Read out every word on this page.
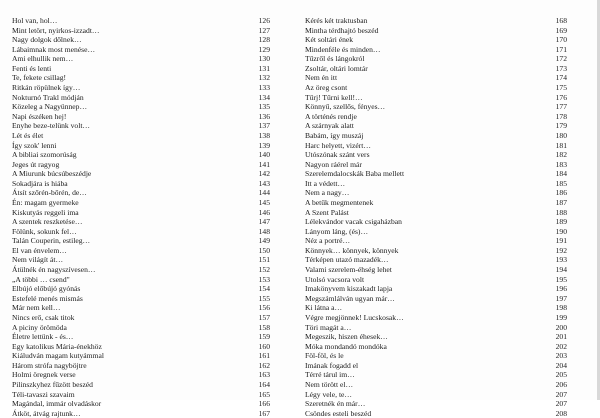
Hol van, hol…	126
Mint letört, nyirkos-izzadt…	127
Nagy dolgok dőlnek…	128
Lábaimnak most menése…	129
Ami elhullik nem…	130
Fenti és lenti	131
Te, fekete csillag!	132
Ritkán röpülnek így…	133
Nokturnó Trakl módján	134
Közeleg a Nagyünnep…	135
Napi észéken hej!	136
Enyhe beze-telünk volt…	137
Lét és élet	138
Így szok' lenni	139
A bibliai szomorúság	140
Jeges út ragyog	141
A Miurunk búcsúbeszédje	142
Sokadjára is hiába	143
Átsít szőrén-bőrén, de…	144
Én: magam gyermeke	145
Kiskutyás reggeli ima	146
A szentek reszketése…	147
Fölünk, sokunk fel…	148
Talán Couperin, estileg…	149
El van énvelem…	150
Nem világít át…	151
Átülnék én nagyszívesen…	152
„A többi … csend"	153
Elbújó előbújó gyónás	154
Estefelé menés mismás	155
Már nem kell…	156
Nincs erő, csak titok	157
A piciny örömöda	158
Életre lettünk - és…	159
Egy katolikus Mária-énekhöz	160
Kiáludván magam kutyámmal	161
Három strófa nagyböjtre	162
Holmi öregnek verse	163
Pilinszkyhez fűzött beszéd	164
Téli-tavaszi szavaim	165
Magándal, immár olvadáskor	166
Átköt, átvág rajtunk…	167
Kérés két traktusban	168
Mintha térdhajtó beszéd	169
Két soltári ének	170
Mindenféle és minden…	171
Tűzről és lángokról	172
Zsoltár, oltári lomtár	173
Nem én itt	174
Az öreg csont	175
Tűrj! Tűrni kell!…	176
Könnyű, szellős, fényes…	177
A történés rendje	178
A szárnyak alatt	179
Babám, így muszáj	180
Harc helyett, vizért…	181
Utószónak szánt vers	182
Nagyon ráérel már	183
Szerelemdalocskák Baba mellett	184
Itt a védett…	185
Nem a nagy…	186
A betűk megmentenek	187
A Szent Palást	188
Lélekvándor vacak csigaházban	189
Lányom láng, (és)…	190
Néz a portré…	191
Könnyek… könnyek, könnyek	192
Térképen utazó mazadék…	193
Valami szerelem-éhség lehet	194
Utolsó vacsora volt	195
Imakönyvem kiszakadt lapja	196
Megszámlálván ugyan már…	197
Ki látna a…	198
Végre megjönnek! Lucskosak…	199
Töri magát a…	200
Megeszik, hiszen éhesek…	201
Móka mondandó mondóka	202
Föl-föl, és le	203
Imának fogadd el	204
Térré tárul im…	205
Nem törött el…	206
Légy vele, te…	207
Szeretnék én már…	207
Csöndes esteli beszéd	208
